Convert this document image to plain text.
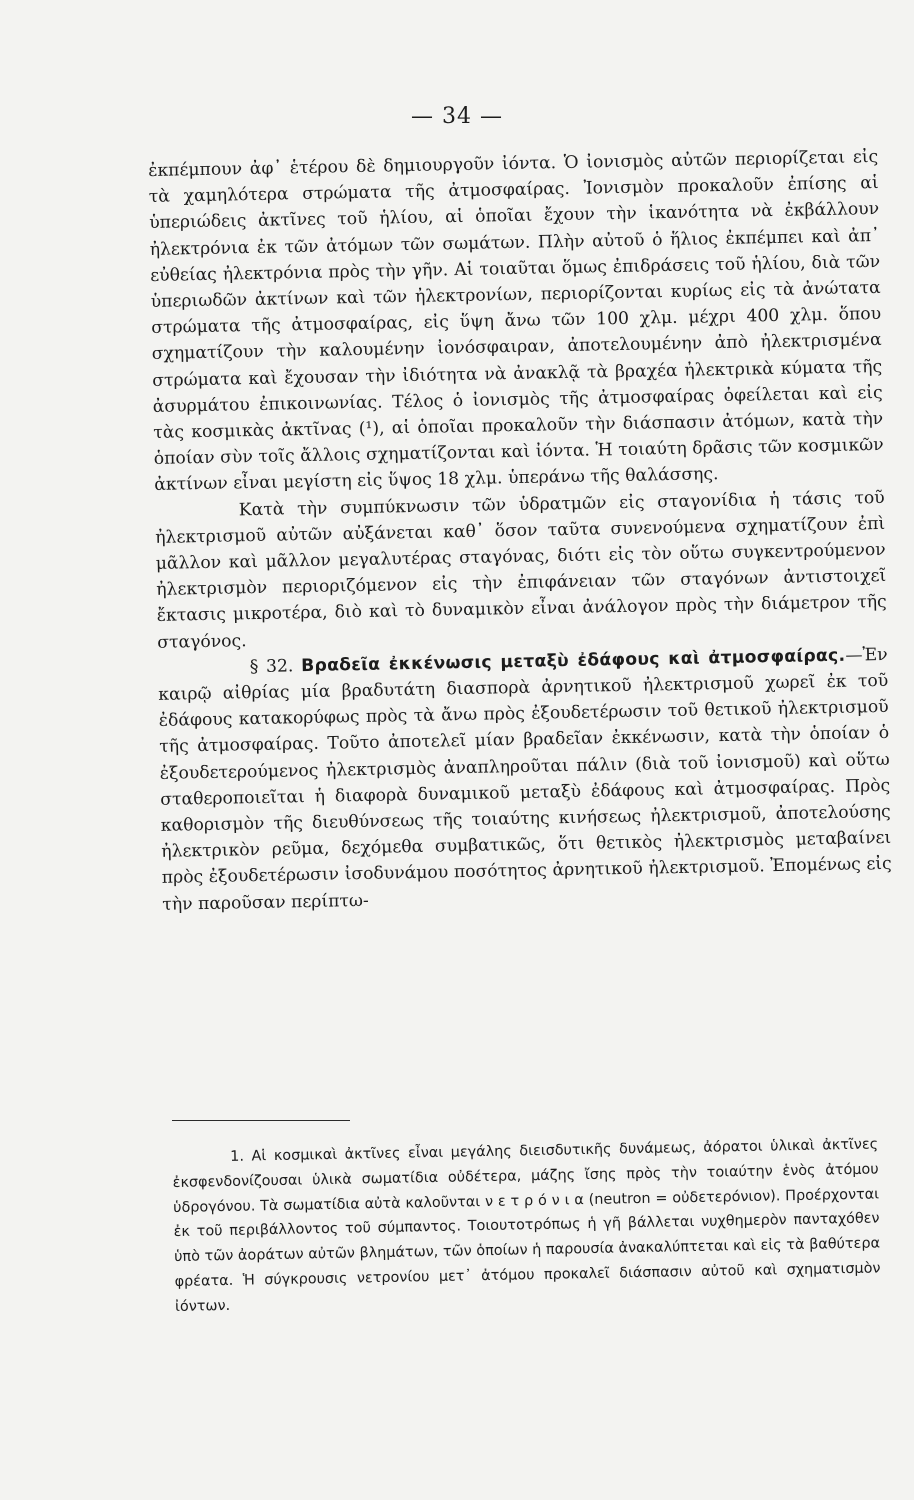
— 34 —

ἐκπέμπουν ἀφ᾽ ἑτέρου δὲ δημιουργοῦν ἰόντα. Ὁ ἰονισμὸς αὐτῶν περιορίζεται εἰς τὰ χαμηλότερα στρώματα τῆς ἀτμοσφαίρας. Ἰονισμὸν προκαλοῦν ἐπίσης αἱ ὑπεριώδεις ἀκτῖνες τοῦ ἡλίου, αἱ ὁποῖαι ἔχουν τὴν ἱκανότητα νὰ ἐκβάλλουν ἠλεκτρόνια ἐκ τῶν ἀτόμων τῶν σωμάτων. Πλὴν αὐτοῦ ὁ ἥλιος ἐκπέμπει καὶ ἀπ᾽ εὐθείας ἠλεκτρόνια πρὸς τὴν γῆν. Αἱ τοιαῦται ὅμως ἐπιδράσεις τοῦ ἡλίου, διὰ τῶν ὑπεριωδῶν ἀκτίνων καὶ τῶν ἠλεκτρονίων, περιορίζονται κυρίως εἰς τὰ ἀνώτατα στρώματα τῆς ἀτμοσφαίρας, εἰς ὕψη ἄνω τῶν 100 χλμ. μέχρι 400 χλμ. ὅπου σχηματίζουν τὴν καλουμένην ἰονόσφαιραν, ἀποτελουμένην ἀπὸ ἠλεκτρισμένα στρώματα καὶ ἔχουσαν τὴν ἰδιότητα νὰ ἀνακλᾷ τὰ βραχέα ἠλεκτρικὰ κύματα τῆς ἀσυρμάτου ἐπικοινωνίας. Τέλος ὁ ἰονισμὸς τῆς ἀτμοσφαίρας ὀφείλεται καὶ εἰς τὰς κοσμικὰς ἀκτῖνας (¹), αἱ ὁποῖαι προκαλοῦν τὴν διάσπασιν ἀτόμων, κατὰ τὴν ὁποίαν σὺν τοῖς ἄλλοις σχηματίζονται καὶ ἰόντα. Ἡ τοιαύτη δρᾶσις τῶν κοσμικῶν ἀκτίνων εἶναι μεγίστη εἰς ὕψος 18 χλμ. ὑπεράνω τῆς θαλάσσης.

Κατὰ τὴν συμπύκνωσιν τῶν ὑδρατμῶν εἰς σταγονίδια ἡ τάσις τοῦ ἠλεκτρισμοῦ αὐτῶν αὐξάνεται καθ᾽ ὅσον ταῦτα συνενούμενα σχηματίζουν ἐπὶ μᾶλλον καὶ μᾶλλον μεγαλυτέρας σταγόνας, διότι εἰς τὸν οὕτω συγκεντρούμενον ἠλεκτρισμὸν περιοριζόμενον εἰς τὴν ἐπιφάνειαν τῶν σταγόνων ἀντιστοιχεῖ ἔκτασις μικροτέρα, διὸ καὶ τὸ δυναμικὸν εἶναι ἀνάλογον πρὸς τὴν διάμετρον τῆς σταγόνος.

§ 32. Βραδεῖα ἐκκένωσις μεταξὺ ἐδάφους καὶ ἀτμοσφαίρας.—Ἐν καιρῷ αἰθρίας μία βραδυτάτη διασπορὰ ἀρνητικοῦ ἠλεκτρισμοῦ χωρεῖ ἐκ τοῦ ἐδάφους κατακορύφως πρὸς τὰ ἄνω πρὸς ἐξουδετέρωσιν τοῦ θετικοῦ ἠλεκτρισμοῦ τῆς ἀτμοσφαίρας. Τοῦτο ἀποτελεῖ μίαν βραδεῖαν ἐκκένωσιν, κατὰ τὴν ὁποίαν ὁ ἐξουδετερούμενος ἠλεκτρισμὸς ἀναπληροῦται πάλιν (διὰ τοῦ ἰονισμοῦ) καὶ οὕτω σταθεροποιεῖται ἡ διαφορὰ δυναμικοῦ μεταξὺ ἐδάφους καὶ ἀτμοσφαίρας. Πρὸς καθορισμὸν τῆς διευθύνσεως τῆς τοιαύτης κινήσεως ἠλεκτρισμοῦ, ἀποτελούσης ἠλεκτρικὸν ρεῦμα, δεχόμεθα συμβατικῶς, ὅτι θετικὸς ἠλεκτρισμὸς μεταβαίνει πρὸς ἐξουδετέρωσιν ἰσοδυνάμου ποσότητος ἀρνητικοῦ ἠλεκτρισμοῦ. Ἐπομένως εἰς τὴν παροῦσαν περίπτω-

1. Αἱ κοσμικαὶ ἀκτῖνες εἶναι μεγάλης διεισδυτικῆς δυνάμεως, ἀόρατοι ὑλικαὶ ἀκτῖνες ἐκσφενδονίζουσαι ὑλικὰ σωματίδια οὐδέτερα, μάζης ἴσης πρὸς τὴν τοιαύτην ἑνὸς ἀτόμου ὑδρογόνου. Τὰ σωματίδια αὐτὰ καλοῦνται ν ε τ ρ ό ν ι α (neutron = οὐδετερόνιον). Προέρχονται ἐκ τοῦ περιβάλλοντος τοῦ σύμπαντος. Τοιουτοτρόπως ἡ γῆ βάλλεται νυχθημερὸν πανταχόθεν ὑπὸ τῶν ἀοράτων αὐτῶν βλημάτων, τῶν ὁποίων ἡ παρουσία ἀνακαλύπτεται καὶ εἰς τὰ βαθύτερα φρέατα. Ἡ σύγκρουσις νετρονίου μετ᾽ ἀτόμου προκαλεῖ διάσπασιν αὐτοῦ καὶ σχηματισμὸν ἰόντων.
